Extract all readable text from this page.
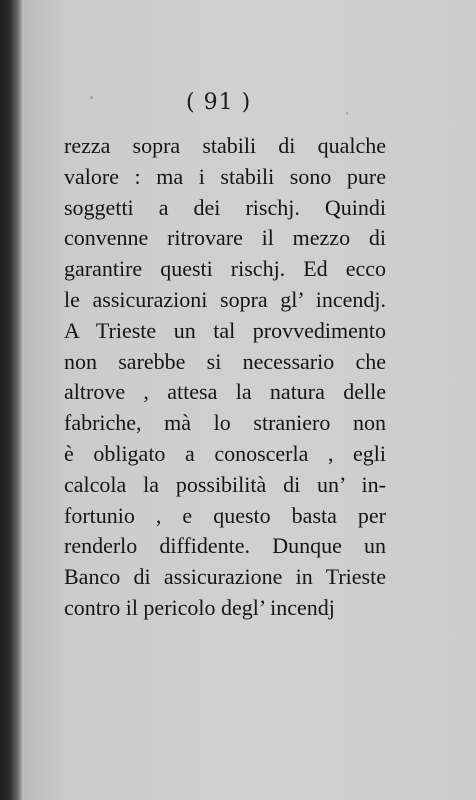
( 91 )
rezza sopra stabili di qualche
valore : ma i stabili sono pure
soggetti a dei rischj. Quindi
convenne ritrovare il mezzo di
garantire questi rischj. Ed ecco
le assicurazioni sopra gl’ incendj.
A Trieste un tal provvedimento
non sarebbe si necessario che
altrove , attesa la natura delle
fabriche, mà lo straniero non
è obligato a conoscerla , egli
calcola la possibilità di un’ in-
fortunio , e questo basta per
renderlo diffidente. Dunque un
Banco di assicurazione in Trieste
contro il pericolo degl’ incendj
